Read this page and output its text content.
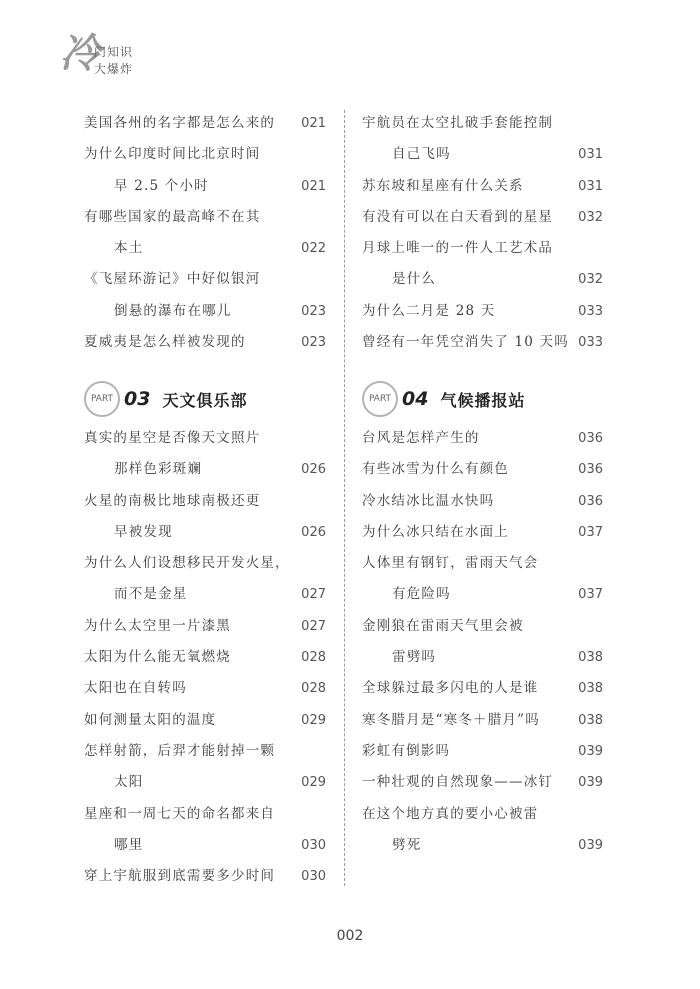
冷
门知识
大爆炸
美国各州的名字都是怎么来的 021
为什么印度时间比北京时间
早 2.5 个小时	021
有哪些国家的最高峰不在其
本土	022
《飞屋环游记》中好似银河
倒悬的瀑布在哪儿	023
夏威夷是怎么样被发现的	023
宇航员在太空扎破手套能控制
自己飞吗	031
苏东坡和星座有什么关系	031
有没有可以在白天看到的星星 032
月球上唯一的一件人工艺术品
是什么	032
为什么二月是 28 天	033
曾经有一年凭空消失了 10 天吗 033
PART 03 天文俱乐部	PART 04 气候播报站
真实的星空是否像天文照片
那样色彩斑斓	026
火星的南极比地球南极还更
早被发现	026
为什么人们设想移民开发火星，
而不是金星	027
为什么太空里一片漆黑	027
太阳为什么能无氧燃烧	028
太阳也在自转吗	028
如何测量太阳的温度	029
怎样射箭，后羿才能射掉一颗
太阳	029
星座和一周七天的命名都来自
哪里	030
穿上宇航服到底需要多少时间 030
台风是怎样产生的	036
有些冰雪为什么有颜色	036
冷水结冰比温水快吗	036
为什么冰只结在水面上	037
人体里有钢钉，雷雨天气会
有危险吗	037
金刚狼在雷雨天气里会被
雷劈吗	038
全球躲过最多闪电的人是谁	038
寒冬腊月是“寒冬＋腊月”吗	038
彩虹有倒影吗	039
一种壮观的自然现象——冰钉 039
在这个地方真的要小心被雷
劈死	039
002
